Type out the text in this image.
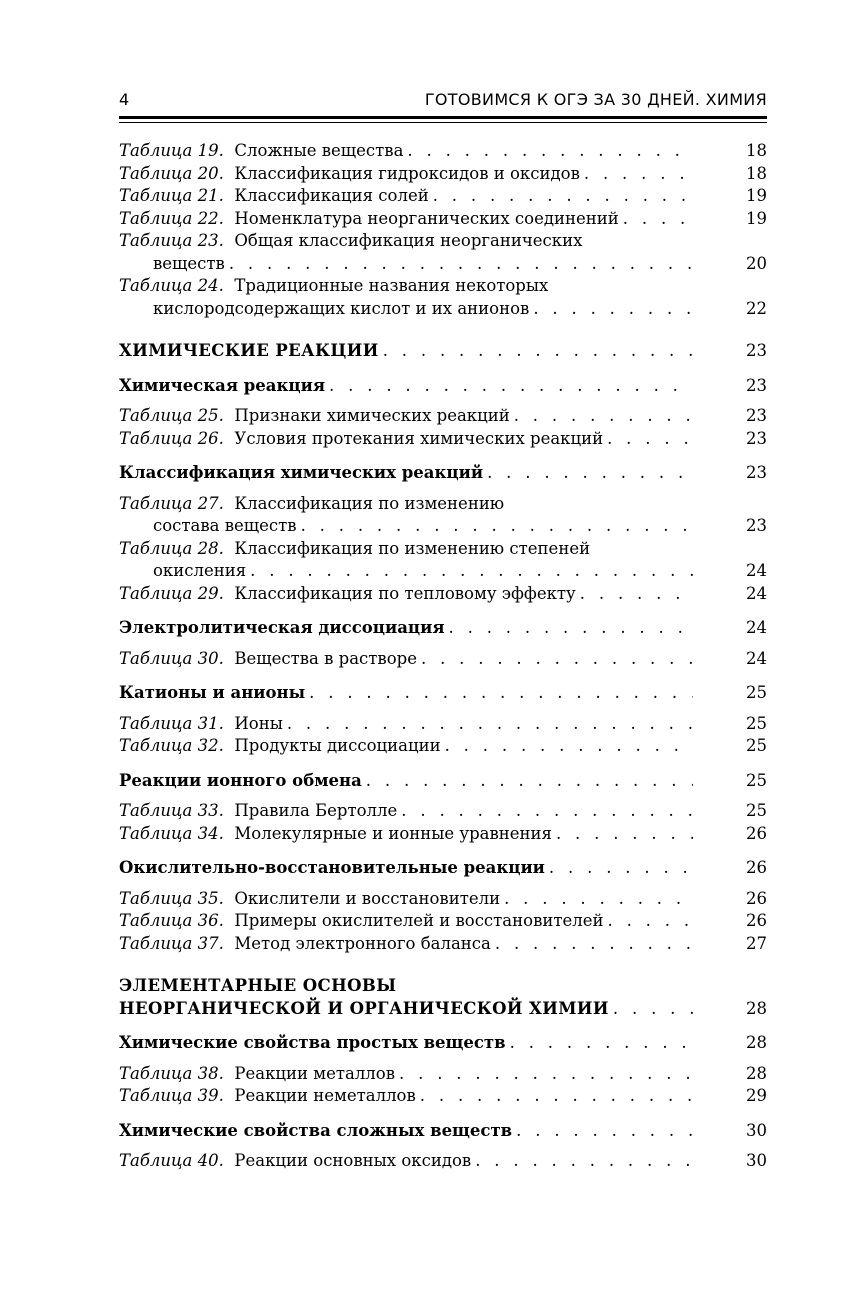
4	ГОТОВИМСЯ К ОГЭ ЗА 30 ДНЕЙ. ХИМИЯ
Таблица 19. Сложные вещества . . .	18
Таблица 20. Классификация гидроксидов и оксидов . . .	18
Таблица 21. Классификация солей . . .	19
Таблица 22. Номенклатура неорганических соединений . . .	19
Таблица 23. Общая классификация неорганических
веществ . . .	20
Таблица 24. Традиционные названия некоторых
кислородсодержащих кислот и их анионов . . .	22
ХИМИЧЕСКИЕ РЕАКЦИИ . . .	23
Химическая реакция . . .	23
Таблица 25. Признаки химических реакций . . .	23
Таблица 26. Условия протекания химических реакций . . .	23
Классификация химических реакций . . .	23
Таблица 27. Классификация по изменению
состава веществ . . .	23
Таблица 28. Классификация по изменению степеней
окисления . . .	24
Таблица 29. Классификация по тепловому эффекту . . .	24
Электролитическая диссоциация . . .	24
Таблица 30. Вещества в растворе . . .	24
Катионы и анионы . . .	25
Таблица 31. Ионы . . .	25
Таблица 32. Продукты диссоциации . . .	25
Реакции ионного обмена . . .	25
Таблица 33. Правила Бертолле . . .	25
Таблица 34. Молекулярные и ионные уравнения . . .	26
Окислительно-восстановительные реакции . . .	26
Таблица 35. Окислители и восстановители . . .	26
Таблица 36. Примеры окислителей и восстановителей . . .	26
Таблица 37. Метод электронного баланса . . .	27
ЭЛЕМЕНТАРНЫЕ ОСНОВЫ
НЕОРГАНИЧЕСКОЙ И ОРГАНИЧЕСКОЙ ХИМИИ . . .	28
Химические свойства простых веществ . . .	28
Таблица 38. Реакции металлов . . .	28
Таблица 39. Реакции неметаллов . . .	29
Химические свойства сложных веществ . . .	30
Таблица 40. Реакции основных оксидов . . .	30
